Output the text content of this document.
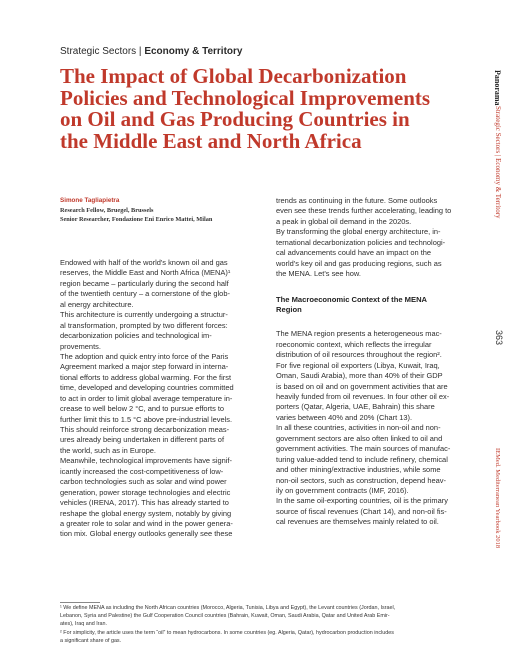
Strategic Sectors | Economy & Territory
The Impact of Global Decarbonization
Policies and Technological Improvements
on Oil and Gas Producing Countries in
the Middle East and North Africa
Simone Tagliapietra
Research Fellow, Bruegel, Brussels
Senior Researcher, Fondazione Eni Enrico Mattei, Milan
Endowed with half of the world's known oil and gas
reserves, the Middle East and North Africa (MENA)¹
region became – particularly during the second half
of the twentieth century – a cornerstone of the glob-
al energy architecture.
This architecture is currently undergoing a structur-
al transformation, prompted by two different forces:
decarbonization policies and technological im-
provements.
The adoption and quick entry into force of the Paris
Agreement marked a major step forward in interna-
tional efforts to address global warming. For the first
time, developed and developing countries committed
to act in order to limit global average temperature in-
crease to well below 2 °C, and to pursue efforts to
further limit this to 1.5 °C above pre-industrial levels.
This should reinforce strong decarbonization meas-
ures already being undertaken in different parts of
the world, such as in Europe.
Meanwhile, technological improvements have signif-
icantly increased the cost-competitiveness of low-
carbon technologies such as solar and wind power
generation, power storage technologies and electric
vehicles (IRENA, 2017). This has already started to
reshape the global energy system, notably by giving
a greater role to solar and wind in the power genera-
tion mix. Global energy outlooks generally see these
trends as continuing in the future. Some outlooks
even see these trends further accelerating, leading to
a peak in global oil demand in the 2020s.
By transforming the global energy architecture, in-
ternational decarbonization policies and technologi-
cal advancements could have an impact on the
world's key oil and gas producing regions, such as
the MENA. Let's see how.
The Macroeconomic Context of the MENA
Region
The MENA region presents a heterogeneous mac-
roeconomic context, which reflects the irregular
distribution of oil resources throughout the region².
For five regional oil exporters (Libya, Kuwait, Iraq,
Oman, Saudi Arabia), more than 40% of their GDP
is based on oil and on government activities that are
heavily funded from oil revenues. In four other oil ex-
porters (Qatar, Algeria, UAE, Bahrain) this share
varies between 40% and 20% (Chart 13).
In all these countries, activities in non-oil and non-
government sectors are also often linked to oil and
government activities. The main sources of manufac-
turing value-added tend to include refinery, chemical
and other mining/extractive industries, while some
non-oil sectors, such as construction, depend heav-
ily on government contracts (IMF, 2016).
In the same oil-exporting countries, oil is the primary
source of fiscal revenues (Chart 14), and non-oil fis-
cal revenues are themselves mainly related to oil.
¹ We define MENA as including the North African countries (Morocco, Algeria, Tunisia, Libya and Egypt), the Levant countries (Jordan, Israel,
Lebanon, Syria and Palestine) the Gulf Cooperation Council countries (Bahrain, Kuwait, Oman, Saudi Arabia, Qatar and United Arab Emir-
ates), Iraq and Iran.
² For simplicity, the article uses the term “oil” to mean hydrocarbons. In some countries (eg. Algeria, Qatar), hydrocarbon production includes
a significant share of gas.
Panorama
Strategic Sectors | Economy & Territory
363
IEMed. Mediterranean Yearbook 2018
